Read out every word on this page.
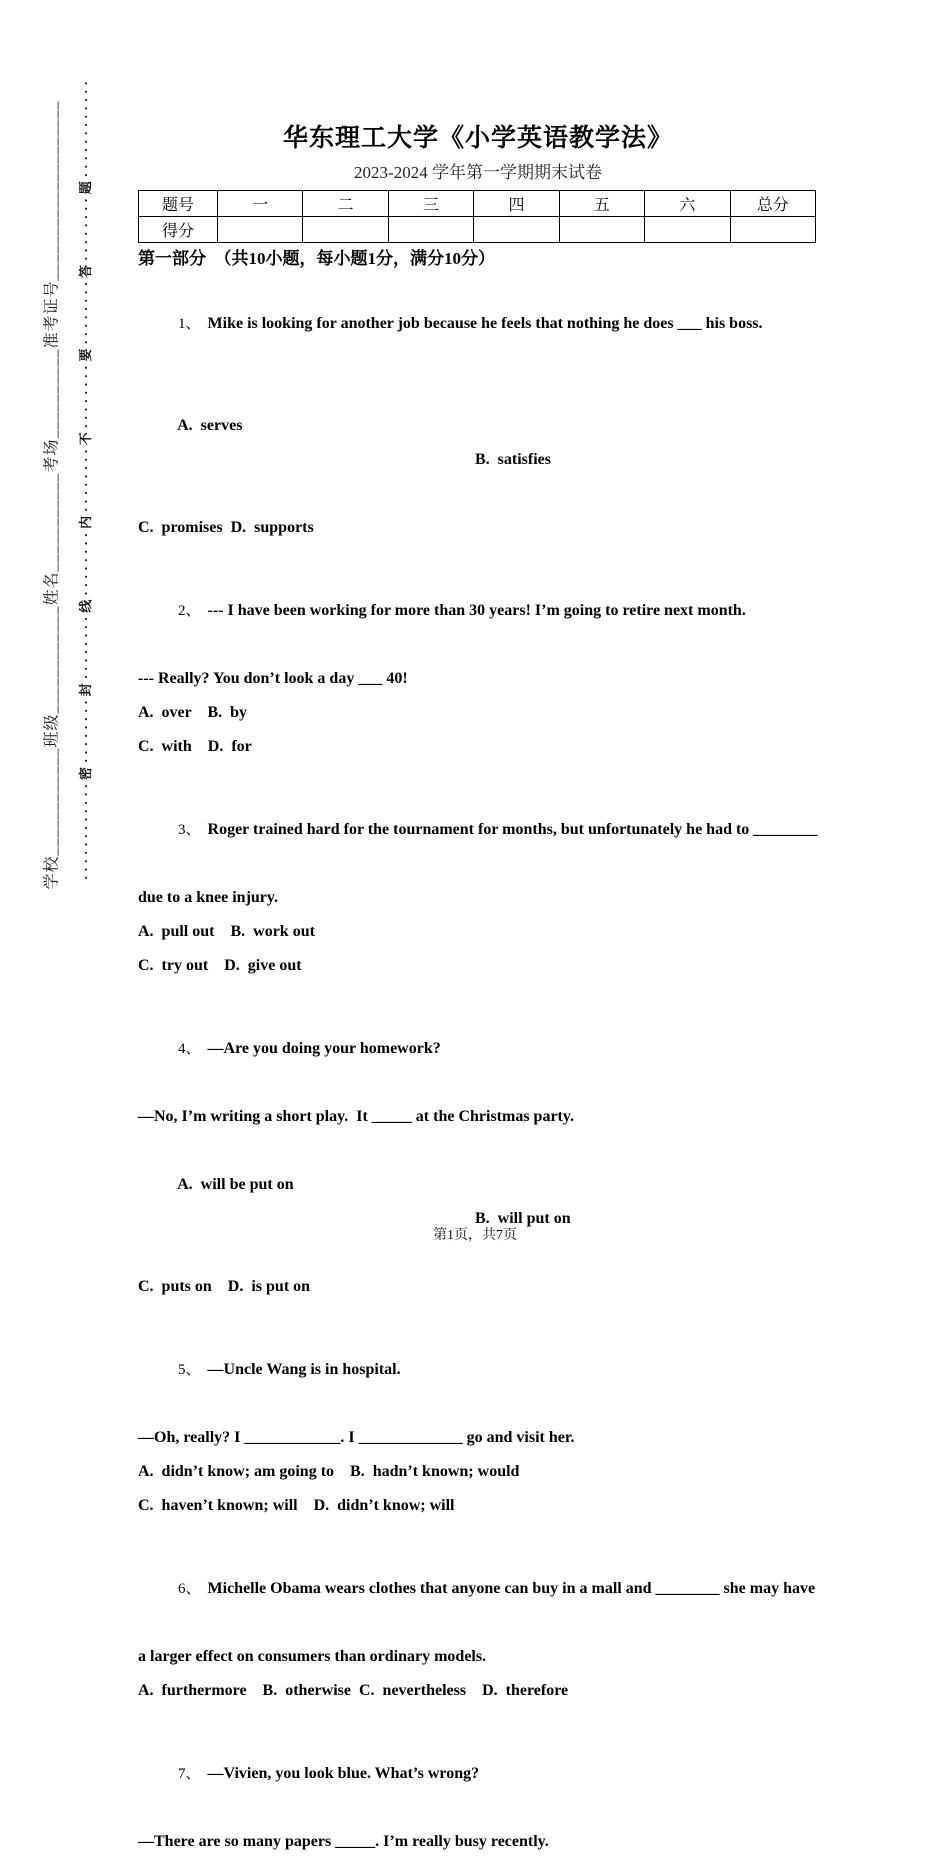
学校____________班级____________姓名___________考场__________准考证号____________________
	············密········封········线········内········不········要········答········题············
	华东理工大学《小学英语教学法》
2023-2024 学年第一学期期末试卷
题号	一	二	三	四	五	六	总分
得分							
第一部分  （共10小题，每小题1分，满分10分）

1、 Mike is looking for another job because he feels that nothing he does ___ his boss.

A.  serves

B.  satisfies

C.  promises  D.  supports

2、 --- I have been working for more than 30 years! I’m going to retire next month.

--- Really? You don’t look a day ___ 40!
A.  over    B.  by
C.  with    D.  for

3、 Roger trained hard for the tournament for months, but unfortunately he had to ________

due to a knee injury.
A.  pull out    B.  work out
C.  try out    D.  give out

4、 —Are you doing your homework?

—No, I’m writing a short play.  It _____ at the Christmas party.

A.  will be put on

B.  will put on

C.  puts on    D.  is put on

5、 —Uncle Wang is in hospital.

—Oh, really? I ____________. I _____________ go and visit her.
A.  didn’t know; am going to    B.  hadn’t known; would
C.  haven’t known; will    D.  didn’t know; will

6、 Michelle Obama wears clothes that anyone can buy in a mall and ________ she may have

a larger effect on consumers than ordinary models.
A.  furthermore    B.  otherwise  C.  nevertheless    D.  therefore

7、 —Vivien, you look blue. What’s wrong?

—There are so many papers _____. I’m really busy recently.
第1页，共7页
